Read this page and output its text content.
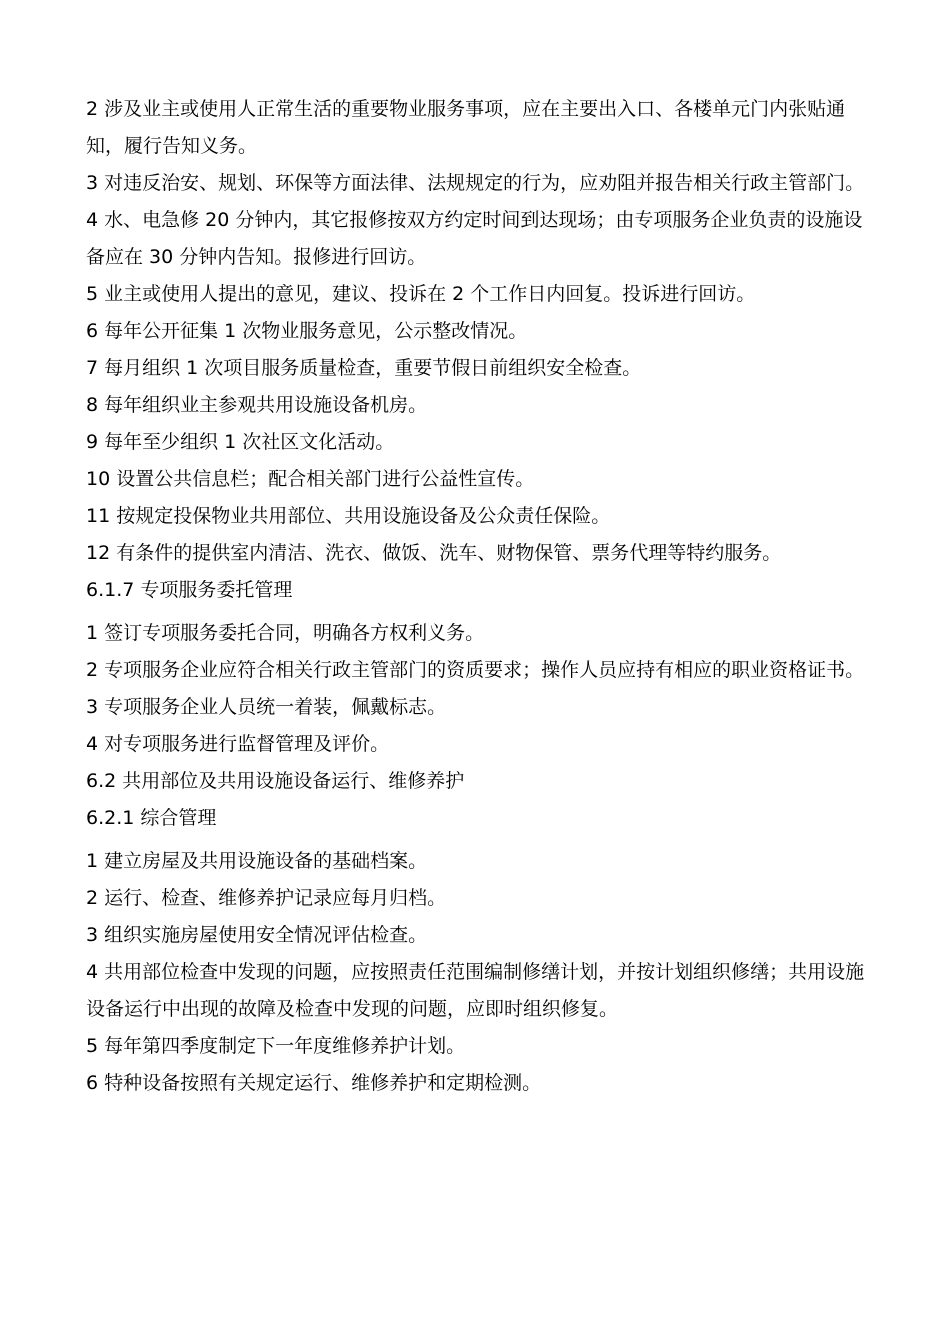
2 涉及业主或使用人正常生活的重要物业服务事项，应在主要出入口、各楼单元门内张贴通知，履行告知义务。

3 对违反治安、规划、环保等方面法律、法规规定的行为，应劝阻并报告相关行政主管部门。

4 水、电急修 20 分钟内，其它报修按双方约定时间到达现场；由专项服务企业负责的设施设备应在 30 分钟内告知。报修进行回访。

5 业主或使用人提出的意见，建议、投诉在 2 个工作日内回复。投诉进行回访。

6 每年公开征集 1 次物业服务意见，公示整改情况。

7 每月组织 1 次项目服务质量检查，重要节假日前组织安全检查。

8 每年组织业主参观共用设施设备机房。

9 每年至少组织 1 次社区文化活动。

10 设置公共信息栏；配合相关部门进行公益性宣传。

11 按规定投保物业共用部位、共用设施设备及公众责任保险。

12 有条件的提供室内清洁、洗衣、做饭、洗车、财物保管、票务代理等特约服务。

6.1.7 专项服务委托管理

1 签订专项服务委托合同，明确各方权利义务。

2 专项服务企业应符合相关行政主管部门的资质要求；操作人员应持有相应的职业资格证书。

3 专项服务企业人员统一着装，佩戴标志。

4 对专项服务进行监督管理及评价。

6.2 共用部位及共用设施设备运行、维修养护

6.2.1 综合管理

1 建立房屋及共用设施设备的基础档案。

2 运行、检查、维修养护记录应每月归档。

3 组织实施房屋使用安全情况评估检查。

4 共用部位检查中发现的问题，应按照责任范围编制修缮计划，并按计划组织修缮；共用设施设备运行中出现的故障及检查中发现的问题，应即时组织修复。

5 每年第四季度制定下一年度维修养护计划。

6 特种设备按照有关规定运行、维修养护和定期检测。
